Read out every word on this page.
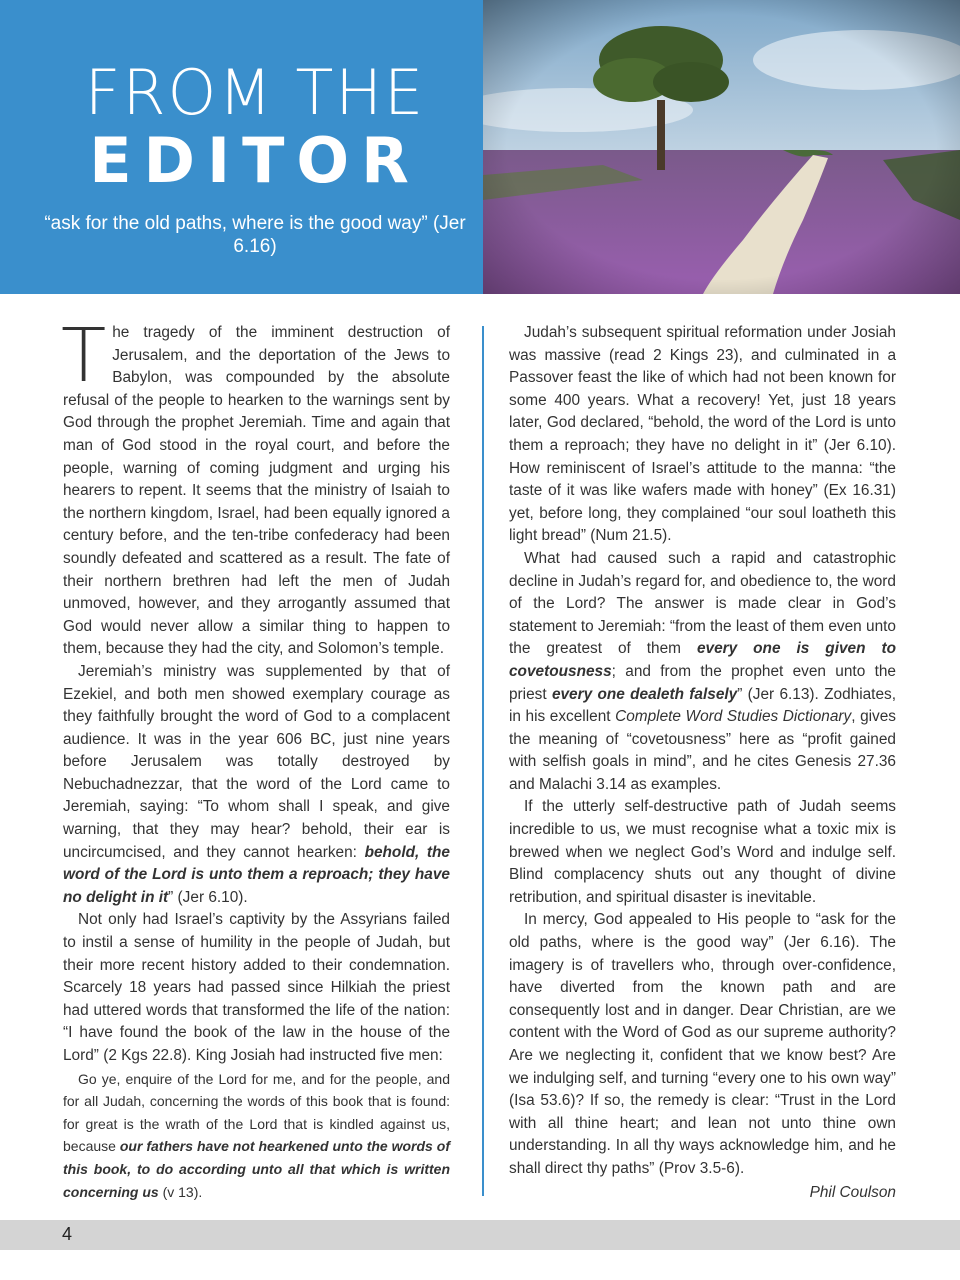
FROM THE
EDITOR
“ask for the old paths, where is the good way” (Jer 6.16)

The tragedy of the imminent destruction of Jerusalem, and the deportation of the Jews to Babylon, was compounded by the absolute refusal of the people to hearken to the warnings sent by God through the prophet Jeremiah. Time and again that man of God stood in the royal court, and before the people, warning of coming judgment and urging his hearers to repent. It seems that the ministry of Isaiah to the northern kingdom, Israel, had been equally ignored a century before, and the ten-tribe confederacy had been soundly defeated and scattered as a result. The fate of their northern brethren had left the men of Judah unmoved, however, and they arrogantly assumed that God would never allow a similar thing to happen to them, because they had the city, and Solomon’s temple.

Jeremiah’s ministry was supplemented by that of Ezekiel, and both men showed exemplary courage as they faithfully brought the word of God to a complacent audience. It was in the year 606 BC, just nine years before Jerusalem was totally destroyed by Nebuchadnezzar, that the word of the Lord came to Jeremiah, saying: “To whom shall I speak, and give warning, that they may hear? behold, their ear is uncircumcised, and they cannot hearken: behold, the word of the Lord is unto them a reproach; they have no delight in it” (Jer 6.10).

Not only had Israel’s captivity by the Assyrians failed to instil a sense of humility in the people of Judah, but their more recent history added to their condemnation. Scarcely 18 years had passed since Hilkiah the priest had uttered words that transformed the life of the nation: “I have found the book of the law in the house of the Lord” (2 Kgs 22.8). King Josiah had instructed five men:

Go ye, enquire of the Lord for me, and for the people, and for all Judah, concerning the words of this book that is found: for great is the wrath of the Lord that is kindled against us, because our fathers have not hearkened unto the words of this book, to do according unto all that which is written concerning us (v 13).

Judah’s subsequent spiritual reformation under Josiah was massive (read 2 Kings 23), and culminated in a Passover feast the like of which had not been known for some 400 years. What a recovery! Yet, just 18 years later, God declared, “behold, the word of the Lord is unto them a reproach; they have no delight in it” (Jer 6.10). How reminiscent of Israel’s attitude to the manna: “the taste of it was like wafers made with honey” (Ex 16.31) yet, before long, they complained “our soul loatheth this light bread” (Num 21.5).

What had caused such a rapid and catastrophic decline in Judah’s regard for, and obedience to, the word of the Lord? The answer is made clear in God’s statement to Jeremiah: “from the least of them even unto the greatest of them every one is given to covetousness; and from the prophet even unto the priest every one dealeth falsely” (Jer 6.13). Zodhiates, in his excellent Complete Word Studies Dictionary, gives the meaning of “covetousness” here as “profit gained with selfish goals in mind”, and he cites Genesis 27.36 and Malachi 3.14 as examples.

If the utterly self-destructive path of Judah seems incredible to us, we must recognise what a toxic mix is brewed when we neglect God’s Word and indulge self. Blind complacency shuts out any thought of divine retribution, and spiritual disaster is inevitable.

In mercy, God appealed to His people to “ask for the old paths, where is the good way” (Jer 6.16). The imagery is of travellers who, through over-confidence, have diverted from the known path and are consequently lost and in danger. Dear Christian, are we content with the Word of God as our supreme authority? Are we neglecting it, confident that we know best? Are we indulging self, and turning “every one to his own way” (Isa 53.6)? If so, the remedy is clear: “Trust in the Lord with all thine heart; and lean not unto thine own understanding. In all thy ways acknowledge him, and he shall direct thy paths” (Prov 3.5-6).

Phil Coulson
4
